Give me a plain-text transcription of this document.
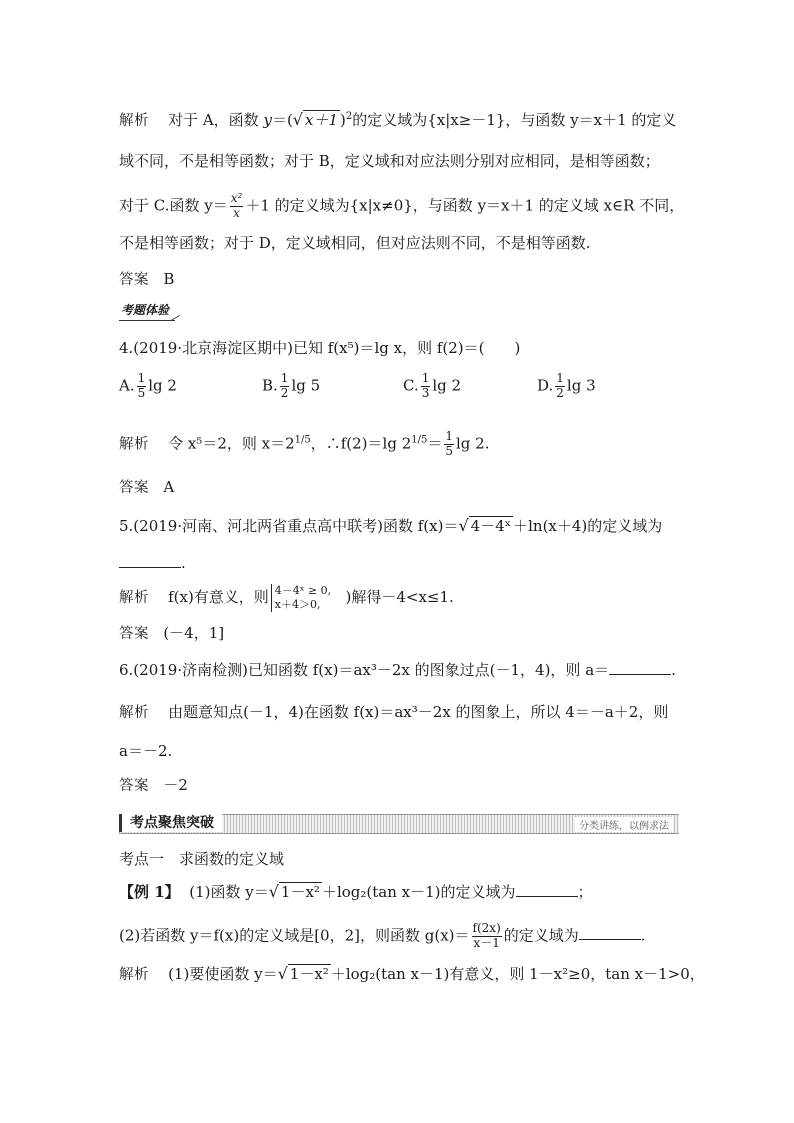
解析 对于 A，函数 y＝(√ x＋1 )$^2$的定义域为{x|x≥－1}，与函数 y＝x＋1 的定义
域不同，不是相等函数；对于 B，定义域和对应法则分别对应相同，是相等函数；
对于 C.函数 $y= \frac{\text{x²}}{x} +1$ 的定义域为{x|x≠0}，与函数 y＝x＋1 的定义域 x∈R 不同，
不是相等函数；对于 D，定义域相同，但对应法则不同，不是相等函数.
答案 B
考题体验
4.(2019·北京海淀区期中)已知 f(x⁵)＝lg x，则 f(2)＝(　　)
A. $\frac{1}{5}$ lg 2	B. $\frac{1}{2}$ lg 5	C. $\frac{1}{3}$ lg 2	D. $\frac{1}{2}$ lg 3
解析 令 x⁵＝2，则 $x=2^{1/5}$，∴f(2)＝lg $2^{1/5}= \frac{1}{5}$ lg 2.
答案 A
5.(2019·河南、河北两省重点高中联考)函数 f(x)＝√ 4－4ˣ ＋ln(x＋4)的定义域为
.
解析 f(x)有意义，则 4－4ˣ ≥ 0,
x＋4＞0, )解得－4<x≤1.
答案 (－4，1]
6.(2019·济南检测)已知函数 f(x)＝ax³－2x 的图象过点(－1，4)，则 a＝	.
解析 由题意知点(－1，4)在函数 f(x)＝ax³－2x 的图象上，所以 4＝－a＋2，则
a＝－2.
答案 －2
考点聚焦突破	分类讲练，以例求法
考点一　求函数的定义域
【例 1】 (1)函数 y＝√ 1－x² ＋log₂(tan x－1)的定义域为	；
(2)若函数 y＝f(x)的定义域是[0，2]，则函数 $g(x)= \frac{f(2x)}{x-1}$ 的定义域为	.
解析 (1)要使函数 y＝√ 1－x² ＋log₂(tan x－1)有意义，则 1－x²≥0，tan x－1>0，
